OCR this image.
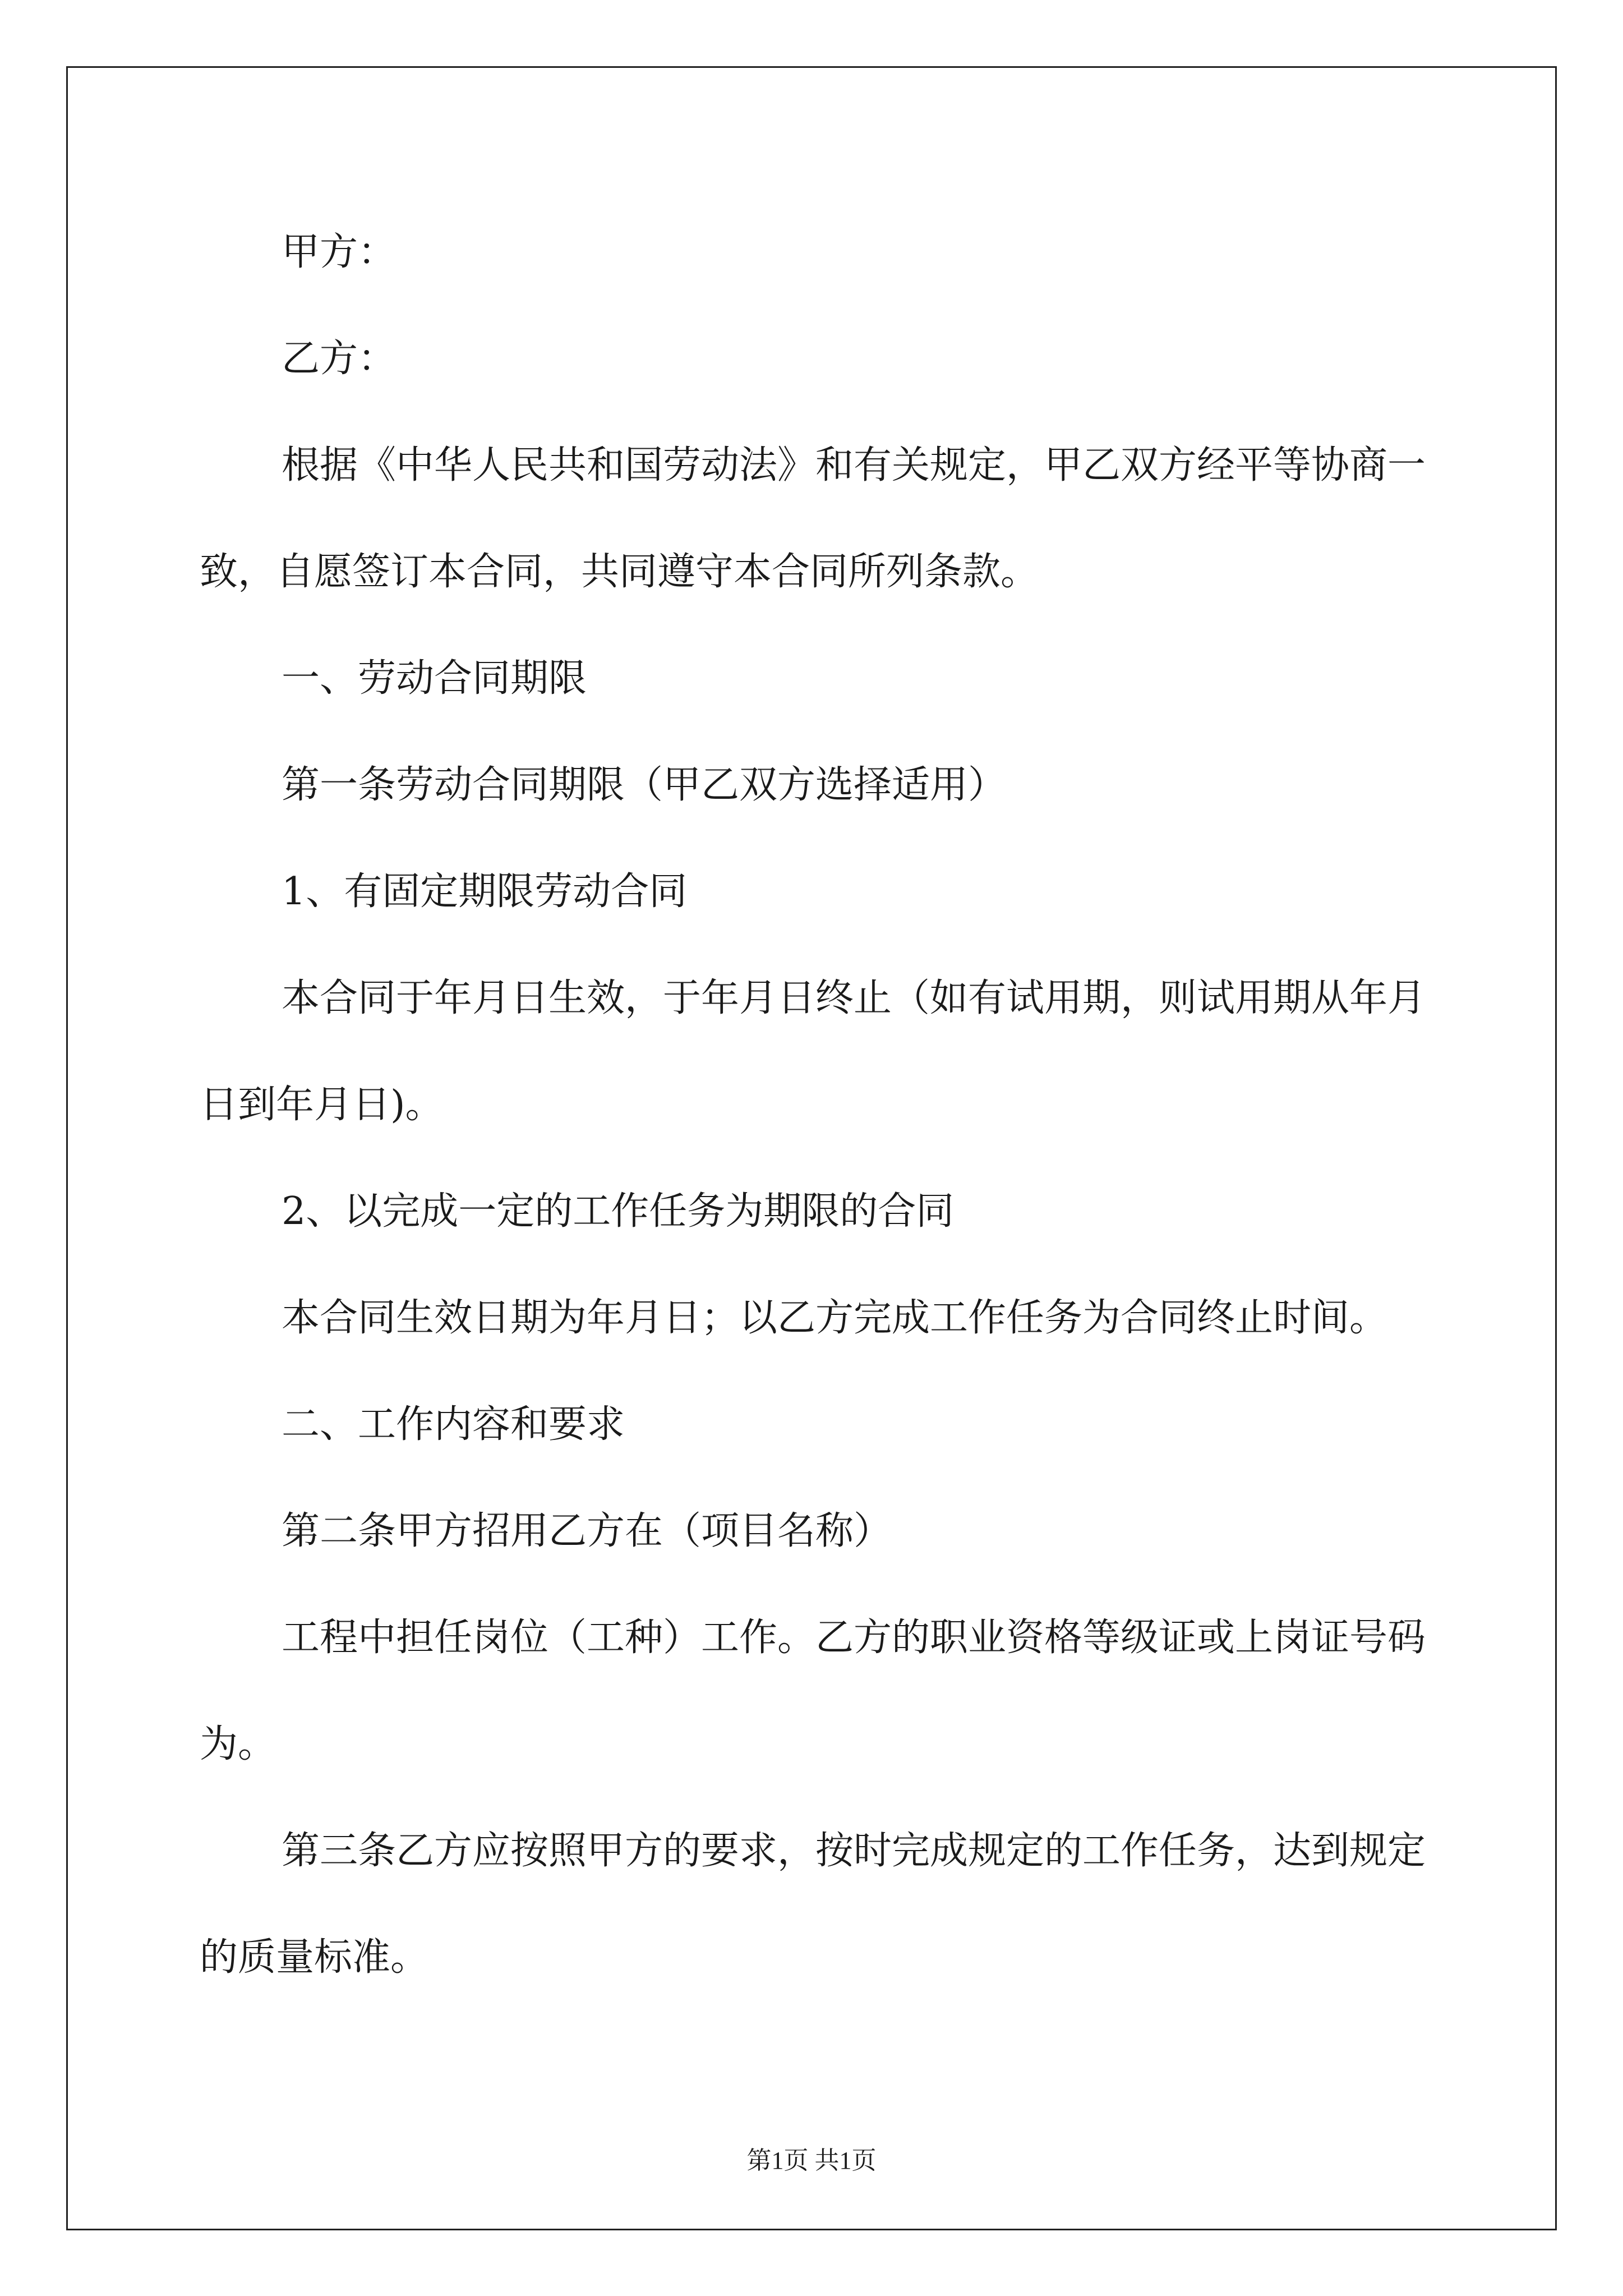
甲方：

乙方：

根据《中华人民共和国劳动法》和有关规定，甲乙双方经平等协商一致，自愿签订本合同，共同遵守本合同所列条款。

一、劳动合同期限

第一条劳动合同期限（甲乙双方选择适用）

1、有固定期限劳动合同

本合同于年月日生效，于年月日终止（如有试用期，则试用期从年月日到年月日)。

2、以完成一定的工作任务为期限的合同

本合同生效日期为年月日；以乙方完成工作任务为合同终止时间。

二、工作内容和要求

第二条甲方招用乙方在（项目名称）

工程中担任岗位（工种）工作。乙方的职业资格等级证或上岗证号码为。

第三条乙方应按照甲方的要求，按时完成规定的工作任务，达到规定的质量标准。

第1页 共1页
